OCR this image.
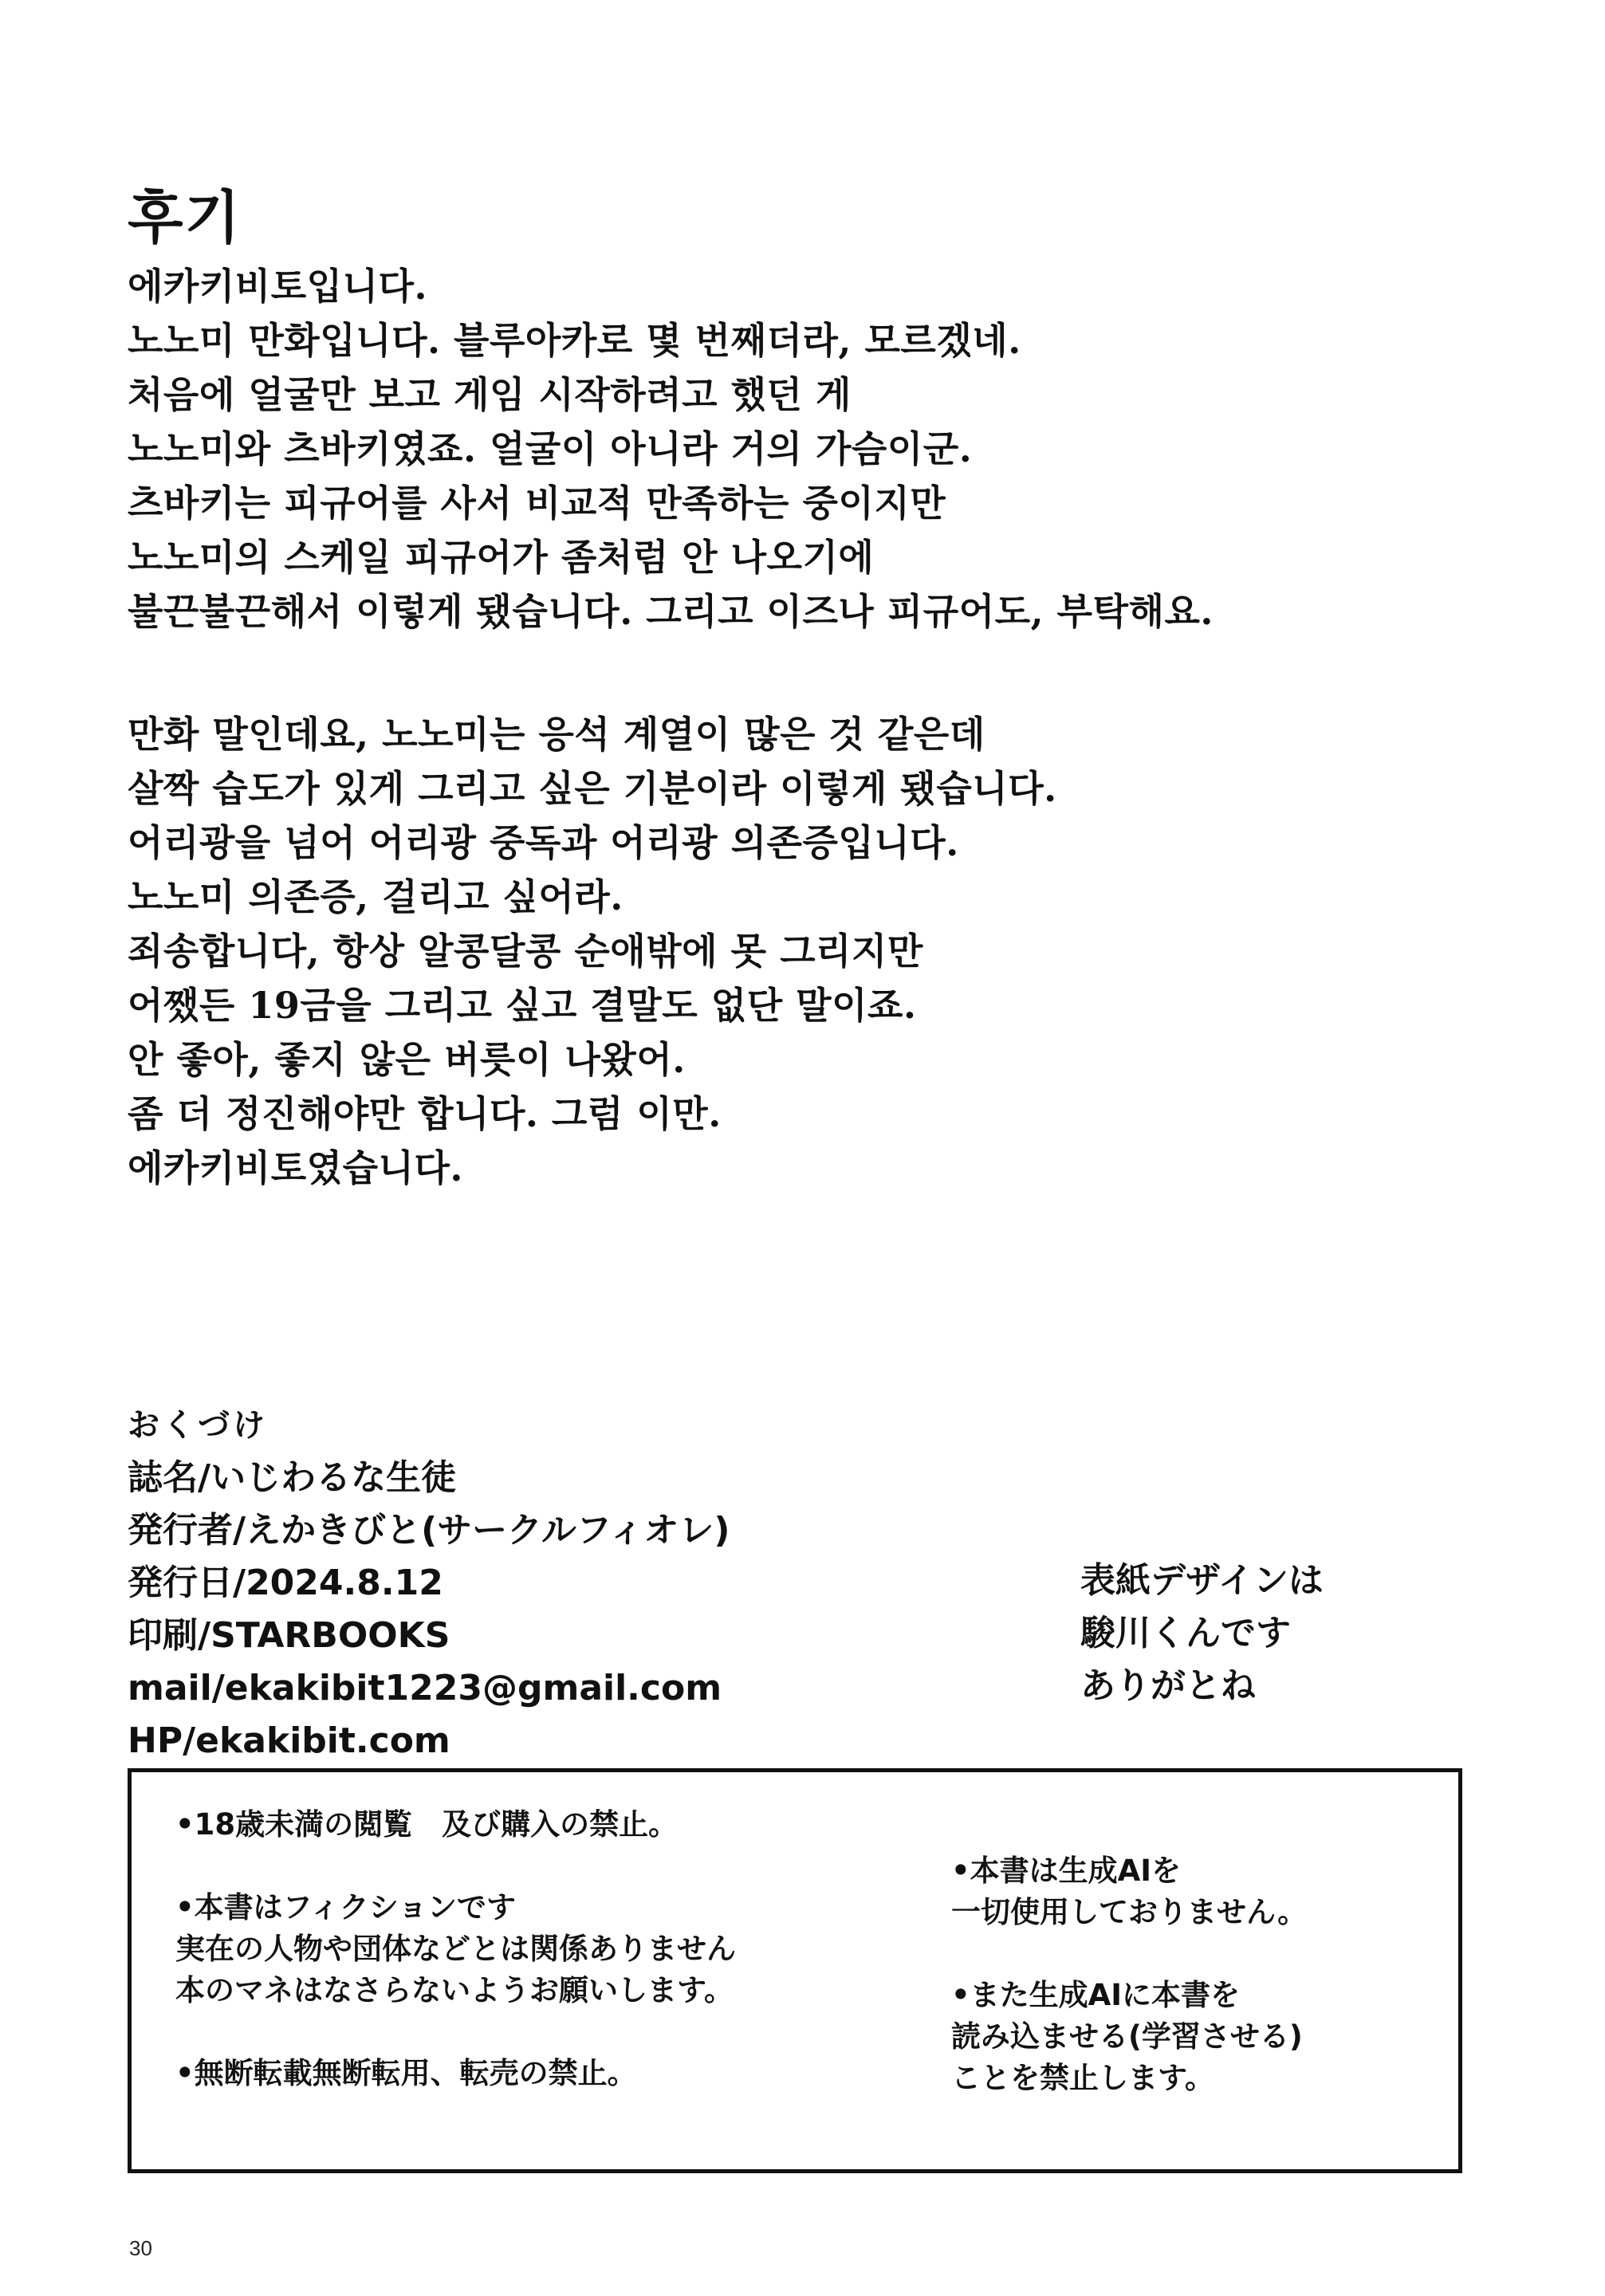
후기
에카키비토입니다.
노노미 만화입니다. 블루아카로 몇 번째더라, 모르겠네.
처음에 얼굴만 보고 게임 시작하려고 했던 게
노노미와 츠바키였죠. 얼굴이 아니라 거의 가슴이군.
츠바키는 피규어를 사서 비교적 만족하는 중이지만
노노미의 스케일 피규어가 좀처럼 안 나오기에
불끈불끈해서 이렇게 됐습니다. 그리고 이즈나 피규어도, 부탁해요.
만화 말인데요, 노노미는 응석 계열이 많은 것 같은데
살짝 습도가 있게 그리고 싶은 기분이라 이렇게 됐습니다.
어리광을 넘어 어리광 중독과 어리광 의존증입니다.
노노미 의존증, 걸리고 싶어라.
죄송합니다, 항상 알콩달콩 순애밖에 못 그리지만
어쨌든 19금을 그리고 싶고 결말도 없단 말이죠.
안 좋아, 좋지 않은 버릇이 나왔어.
좀 더 정진해야만 합니다. 그럼 이만.
에카키비토였습니다.
おくづけ
誌名/いじわるな生徒
発行者/えかきびと(サークルフィオレ)
発行日/2024.8.12
印刷/STARBOOKS
mail/ekakibit1223@gmail.com
HP/ekakibit.com
表紙デザインは
駿川くんです
ありがとね
•18歳未満の閲覧　及び購入の禁止。
•本書はフィクションです
実在の人物や団体などとは関係ありません
本のマネはなさらないようお願いします。
•無断転載無断転用、転売の禁止。
•本書は生成AIを
一切使用しておりません。
•また生成AIに本書を
読み込ませる(学習させる)
ことを禁止します。
30
